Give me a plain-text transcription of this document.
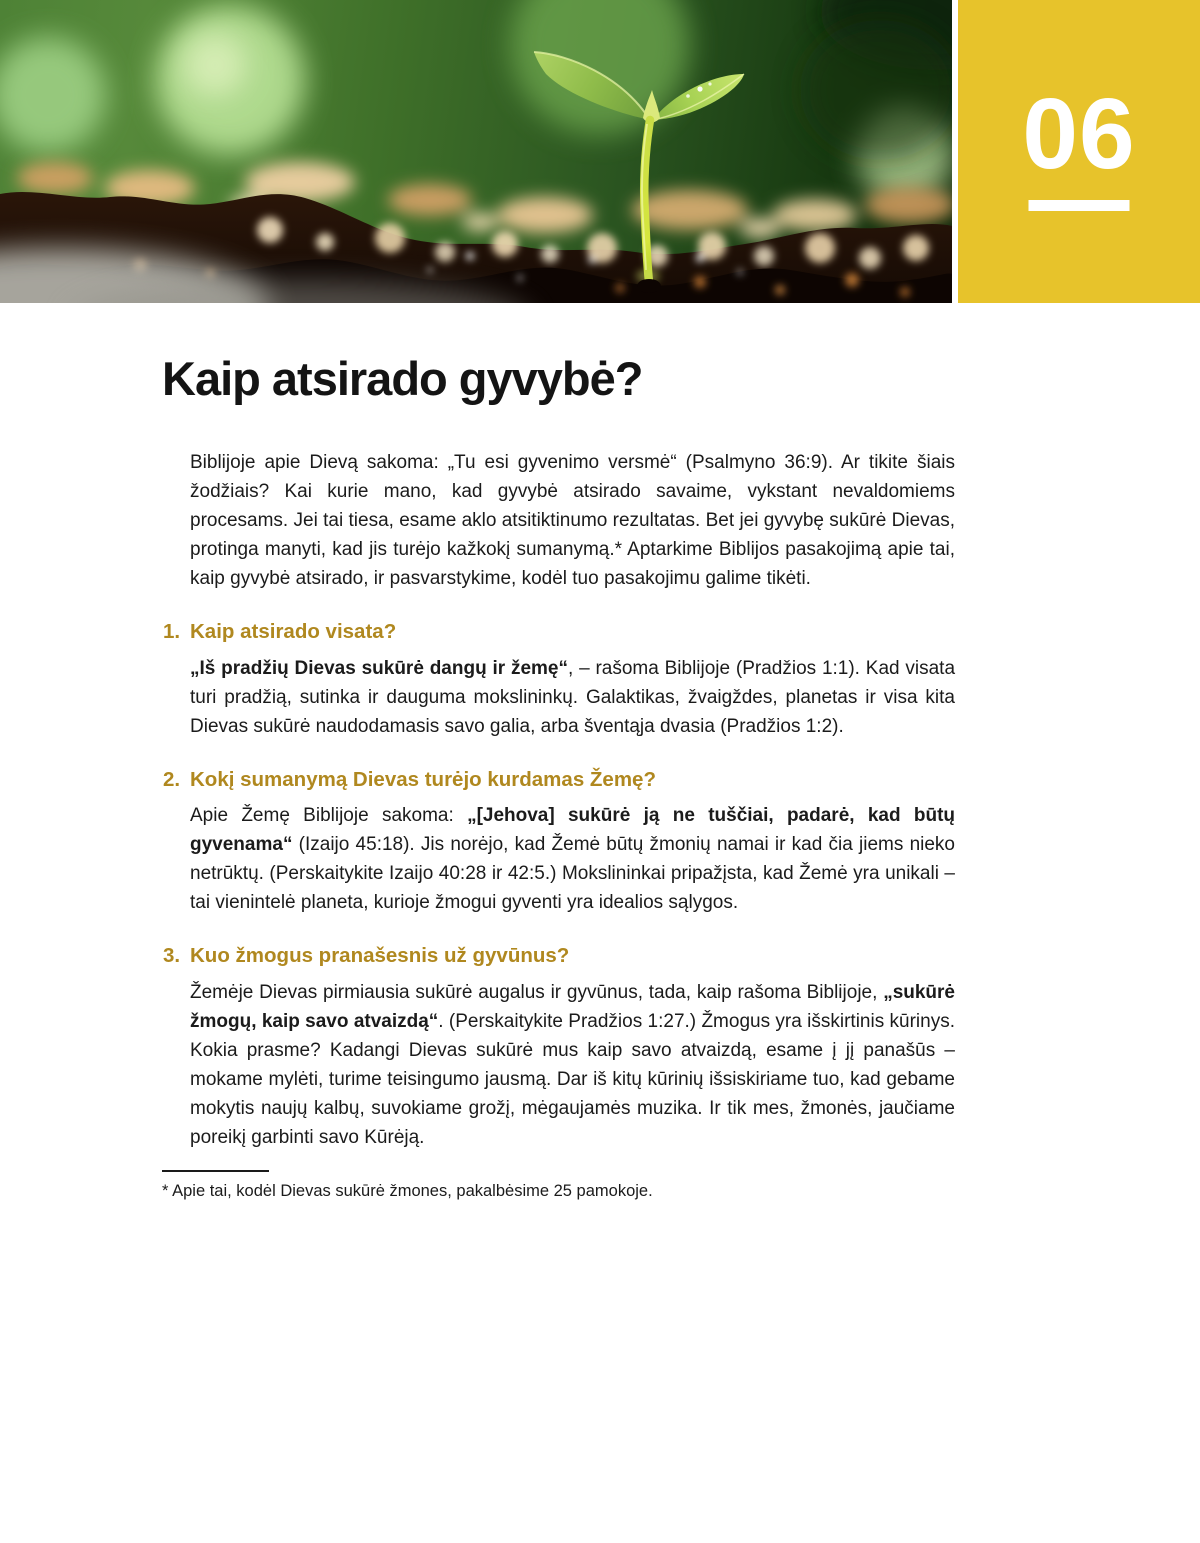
06
Kaip atsirado gyvybė?

Biblijoje apie Dievą sakoma: „Tu esi gyvenimo versmė“ (Psalmyno 36:9). Ar tikite šiais žodžiais? Kai kurie mano, kad gyvybė atsirado savaime, vykstant nevaldomiems procesams. Jei tai tiesa, esame aklo atsitiktinumo rezultatas. Bet jei gyvybę sukūrė Dievas, protinga manyti, kad jis turėjo kažkokį sumanymą.* Aptarkime Biblijos pasakojimą apie tai, kaip gyvybė atsirado, ir pasvarstykime, kodėl tuo pasakojimu galime tikėti.

1. Kaip atsirado visata?

„Iš pradžių Dievas sukūrė dangų ir žemę“, – rašoma Biblijoje (Pradžios 1:1). Kad visata turi pradžią, sutinka ir dauguma mokslininkų. Galaktikas, žvaigždes, planetas ir visa kita Dievas sukūrė naudodamasis savo galia, arba šventąja dvasia (Pradžios 1:2).

2. Kokį sumanymą Dievas turėjo kurdamas Žemę?

Apie Žemę Biblijoje sakoma: „[Jehova] sukūrė ją ne tuščiai, padarė, kad būtų gyvenama“ (Izaijo 45:18). Jis norėjo, kad Žemė būtų žmonių namai ir kad čia jiems nieko netrūktų. (Perskaitykite Izaijo 40:28 ir 42:5.) Mokslininkai pripažįsta, kad Žemė yra unikali – tai vienintelė planeta, kurioje žmogui gyventi yra idealios sąlygos.

3. Kuo žmogus pranašesnis už gyvūnus?

Žemėje Dievas pirmiausia sukūrė augalus ir gyvūnus, tada, kaip rašoma Biblijoje, „sukūrė žmogų, kaip savo atvaizdą“. (Perskaitykite Pradžios 1:27.) Žmogus yra išskirtinis kūrinys. Kokia prasme? Kadangi Dievas sukūrė mus kaip savo atvaizdą, esame į jį panašūs – mokame mylėti, turime teisingumo jausmą. Dar iš kitų kūrinių išsiskiriame tuo, kad gebame mokytis naujų kalbų, suvokiame grožį, mėgaujamės muzika. Ir tik mes, žmonės, jaučiame poreikį garbinti savo Kūrėją.

* Apie tai, kodėl Dievas sukūrė žmones, pakalbėsime 25 pamokoje.
